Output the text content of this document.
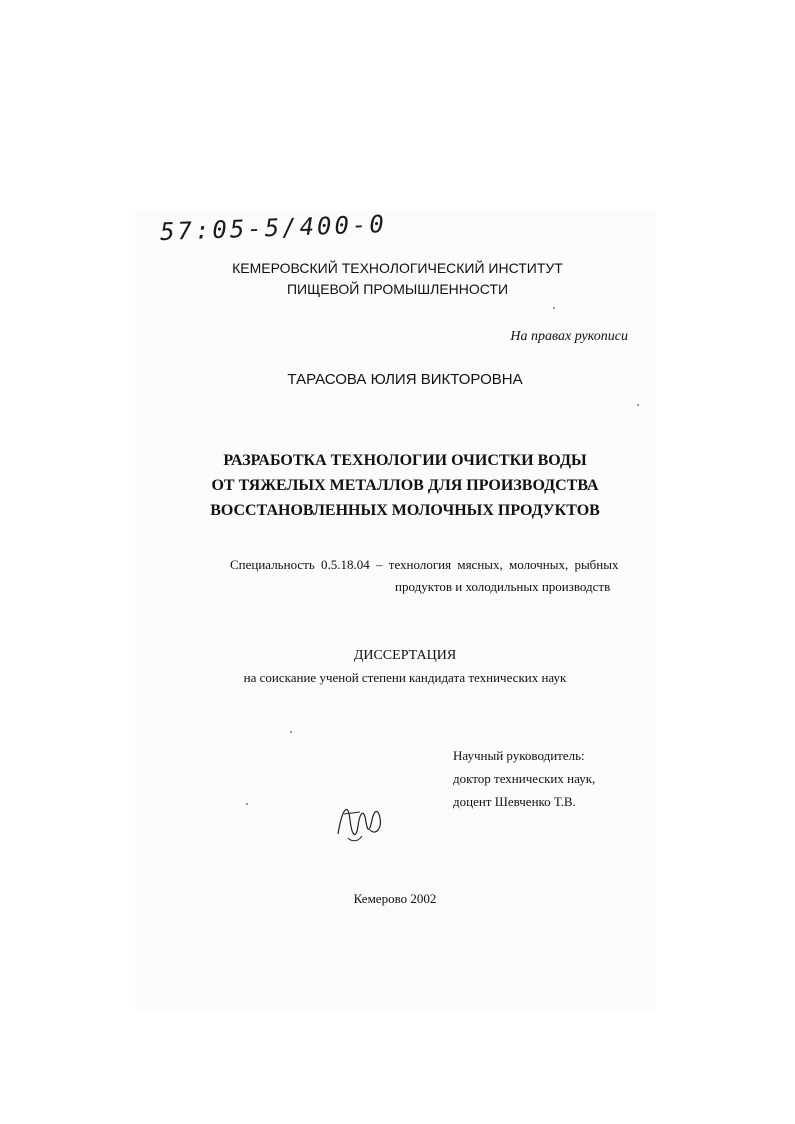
57:05-5/400-0
КЕМЕРОВСКИЙ ТЕХНОЛОГИЧЕСКИЙ ИНСТИТУТ
ПИЩЕВОЙ ПРОМЫШЛЕННОСТИ
На правах рукописи
ТАРАСОВА ЮЛИЯ ВИКТОРОВНА
РАЗРАБОТКА ТЕХНОЛОГИИ ОЧИСТКИ ВОДЫ
ОТ ТЯЖЕЛЫХ МЕТАЛЛОВ ДЛЯ ПРОИЗВОДСТВА
ВОССТАНОВЛЕННЫХ МОЛОЧНЫХ ПРОДУКТОВ
Специальность 0.5.18.04 – технология мясных, молочных, рыбных
продуктов и холодильных производств
ДИССЕРТАЦИЯ
на соискание ученой степени кандидата технических наук
Научный руководитель:
доктор технических наук,
доцент Шевченко Т.В.
Кемерово 2002
